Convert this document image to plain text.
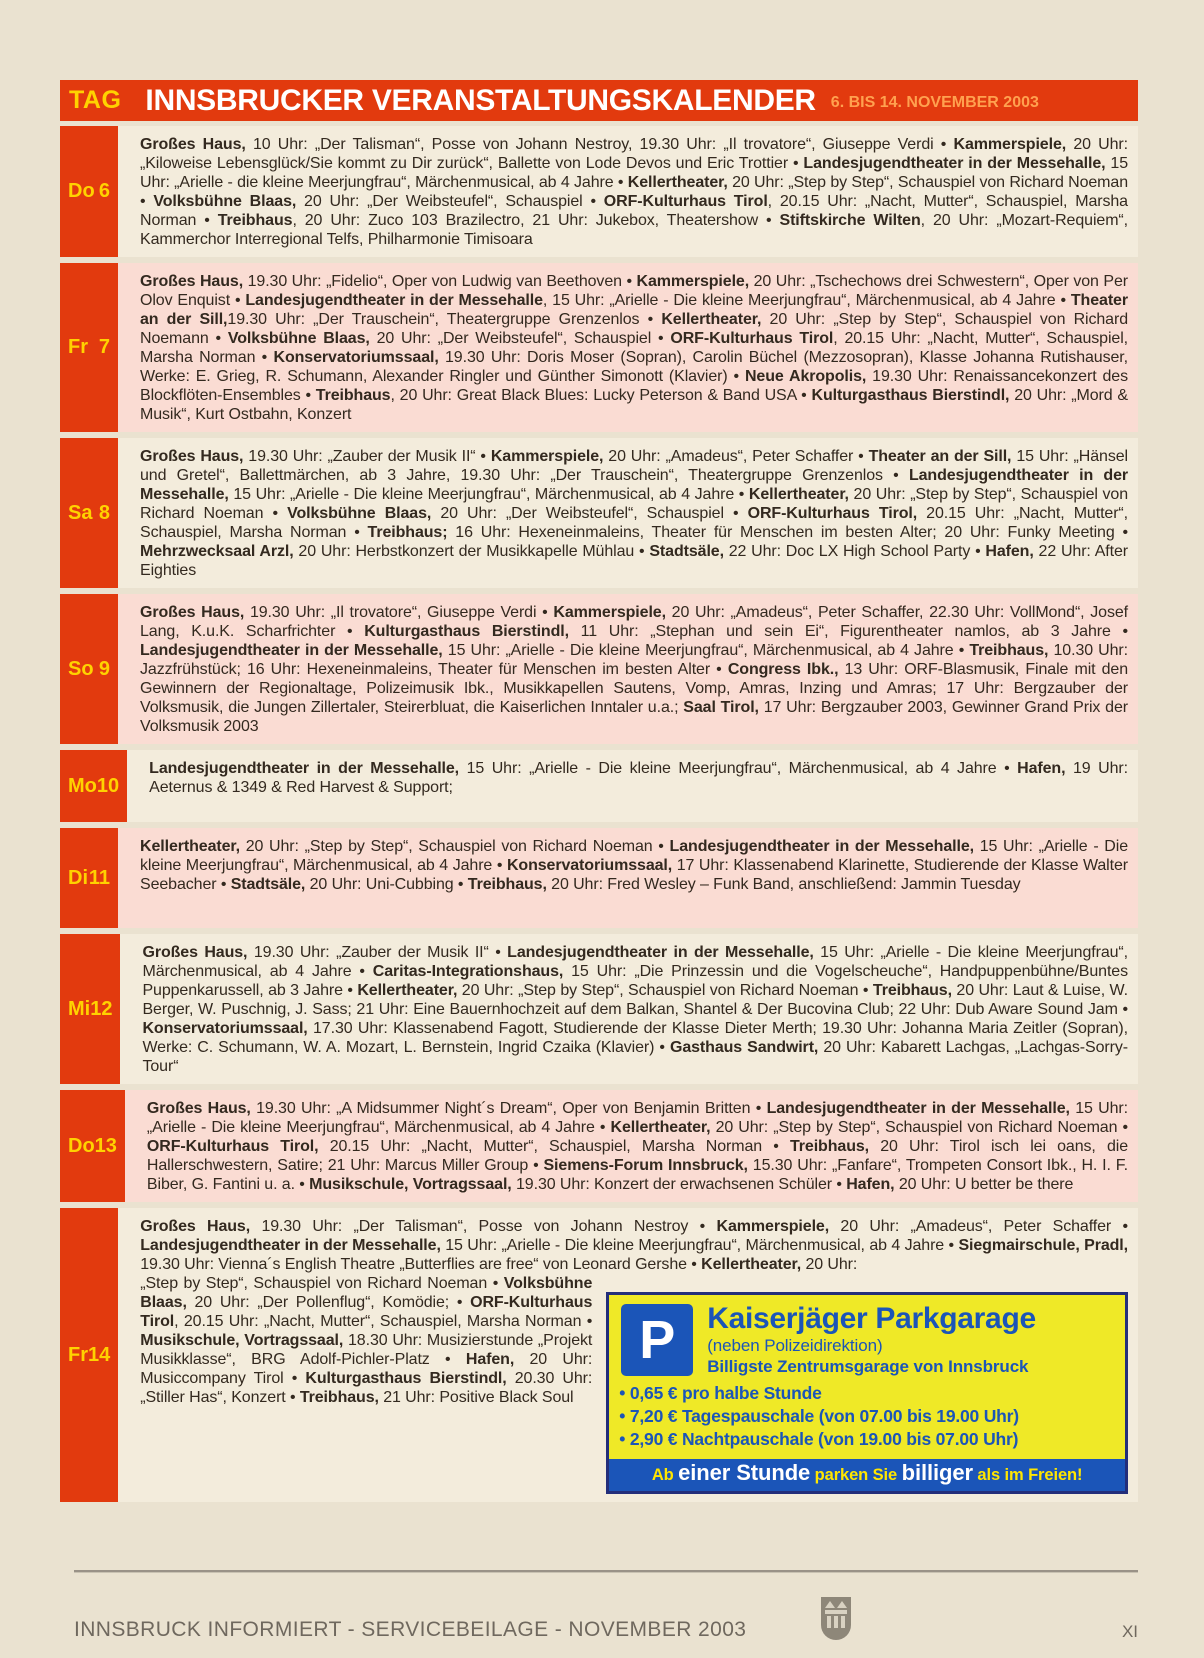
TAG INNSBRUCKER VERANSTALTUNGSKALENDER 6. BIS 14. NOVEMBER 2003
Do 6

Großes Haus, 10 Uhr: „Der Talisman“, Posse von Johann Nestroy, 19.30 Uhr: „Il trovatore“, Giuseppe Verdi • Kammerspiele, 20 Uhr: „Kiloweise Lebensglück/Sie kommt zu Dir zurück“, Ballette von Lode Devos und Eric Trottier • Landesjugendtheater in der Messehalle, 15 Uhr: „Arielle - die kleine Meerjungfrau“, Märchenmusical, ab 4 Jahre • Kellertheater, 20 Uhr: „Step by Step“, Schauspiel von Richard Noeman • Volksbühne Blaas, 20 Uhr: „Der Weibsteufel“, Schauspiel • ORF-Kulturhaus Tirol, 20.15 Uhr: „Nacht, Mutter“, Schauspiel, Marsha Norman • Treibhaus, 20 Uhr: Zuco 103 Brazilectro, 21 Uhr: Jukebox, Theatershow • Stiftskirche Wilten, 20 Uhr: „Mozart-Requiem“, Kammerchor Interregional Telfs, Philharmonie Timisoara

Fr 7

Großes Haus, 19.30 Uhr: „Fidelio“, Oper von Ludwig van Beethoven • Kammerspiele, 20 Uhr: „Tschechows drei Schwestern“, Oper von Per Olov Enquist • Landesjugendtheater in der Messehalle, 15 Uhr: „Arielle - Die kleine Meerjungfrau“, Märchenmusical, ab 4 Jahre • Theater an der Sill,19.30 Uhr: „Der Trauschein“, Theatergruppe Grenzenlos • Kellertheater, 20 Uhr: „Step by Step“, Schauspiel von Richard Noemann • Volksbühne Blaas, 20 Uhr: „Der Weibsteufel“, Schauspiel • ORF-Kulturhaus Tirol, 20.15 Uhr: „Nacht, Mutter“, Schauspiel, Marsha Norman • Konservatoriumssaal, 19.30 Uhr: Doris Moser (Sopran), Carolin Büchel (Mezzosopran), Klasse Johanna Rutishauser, Werke: E. Grieg, R. Schumann, Alexander Ringler und Günther Simonott (Klavier) • Neue Akropolis, 19.30 Uhr: Renaissancekonzert des Blockflöten-Ensembles • Treibhaus, 20 Uhr: Great Black Blues: Lucky Peterson & Band USA • Kulturgasthaus Bierstindl, 20 Uhr: „Mord & Musik“, Kurt Ostbahn, Konzert

Sa 8

Großes Haus, 19.30 Uhr: „Zauber der Musik II“ • Kammerspiele, 20 Uhr: „Amadeus“, Peter Schaffer • Theater an der Sill, 15 Uhr: „Hänsel und Gretel“, Ballettmärchen, ab 3 Jahre, 19.30 Uhr: „Der Trauschein“, Theatergruppe Grenzenlos • Landesjugendtheater in der Messehalle, 15 Uhr: „Arielle - Die kleine Meerjungfrau“, Märchenmusical, ab 4 Jahre • Kellertheater, 20 Uhr: „Step by Step“, Schauspiel von Richard Noeman • Volksbühne Blaas, 20 Uhr: „Der Weibsteufel“, Schauspiel • ORF-Kulturhaus Tirol, 20.15 Uhr: „Nacht, Mutter“, Schauspiel, Marsha Norman • Treibhaus; 16 Uhr: Hexeneinmaleins, Theater für Menschen im besten Alter; 20 Uhr: Funky Meeting • Mehrzwecksaal Arzl, 20 Uhr: Herbstkonzert der Musikkapelle Mühlau • Stadtsäle, 22 Uhr: Doc LX High School Party • Hafen, 22 Uhr: After Eighties

So 9

Großes Haus, 19.30 Uhr: „Il trovatore“, Giuseppe Verdi • Kammerspiele, 20 Uhr: „Amadeus“, Peter Schaffer, 22.30 Uhr: VollMond“, Josef Lang, K.u.K. Scharfrichter • Kulturgasthaus Bierstindl, 11 Uhr: „Stephan und sein Ei“, Figurentheater namlos, ab 3 Jahre • Landesjugendtheater in der Messehalle, 15 Uhr: „Arielle - Die kleine Meerjungfrau“, Märchenmusical, ab 4 Jahre • Treibhaus, 10.30 Uhr: Jazzfrühstück; 16 Uhr: Hexeneinmaleins, Theater für Menschen im besten Alter • Congress Ibk., 13 Uhr: ORF-Blasmusik, Finale mit den Gewinnern der Regionaltage, Polizeimusik Ibk., Musikkapellen Sautens, Vomp, Amras, Inzing und Amras; 17 Uhr: Bergzauber der Volksmusik, die Jungen Zillertaler, Steirerbluat, die Kaiserlichen Inntaler u.a.; Saal Tirol, 17 Uhr: Bergzauber 2003, Gewinner Grand Prix der Volksmusik 2003

Mo 10

Landesjugendtheater in der Messehalle, 15 Uhr: „Arielle - Die kleine Meerjungfrau“, Märchenmusical, ab 4 Jahre • Hafen, 19 Uhr: Aeternus & 1349 & Red Harvest & Support;

Di 11

Kellertheater, 20 Uhr: „Step by Step“, Schauspiel von Richard Noeman • Landesjugendtheater in der Messehalle, 15 Uhr: „Arielle - Die kleine Meerjungfrau“, Märchenmusical, ab 4 Jahre • Konservatoriumssaal, 17 Uhr: Klassenabend Klarinette, Studierende der Klasse Walter Seebacher • Stadtsäle, 20 Uhr: Uni-Cubbing • Treibhaus, 20 Uhr: Fred Wesley – Funk Band, anschließend: Jammin Tuesday

Mi 12

Großes Haus, 19.30 Uhr: „Zauber der Musik II“ • Landesjugendtheater in der Messehalle, 15 Uhr: „Arielle - Die kleine Meerjungfrau“, Märchenmusical, ab 4 Jahre • Caritas-Integrationshaus, 15 Uhr: „Die Prinzessin und die Vogelscheuche“, Handpuppenbühne/Buntes Puppenkarussell, ab 3 Jahre • Kellertheater, 20 Uhr: „Step by Step“, Schauspiel von Richard Noeman • Treibhaus, 20 Uhr: Laut & Luise, W. Berger, W. Puschnig, J. Sass; 21 Uhr: Eine Bauernhochzeit auf dem Balkan, Shantel & Der Bucovina Club; 22 Uhr: Dub Aware Sound Jam • Konservatoriumssaal, 17.30 Uhr: Klassenabend Fagott, Studierende der Klasse Dieter Merth; 19.30 Uhr: Johanna Maria Zeitler (Sopran), Werke: C. Schumann, W. A. Mozart, L. Bernstein, Ingrid Czaika (Klavier) • Gasthaus Sandwirt, 20 Uhr: Kabarett Lachgas, „Lachgas-Sorry-Tour“

Do 13

Großes Haus, 19.30 Uhr: „A Midsummer Night´s Dream“, Oper von Benjamin Britten • Landesjugendtheater in der Messehalle, 15 Uhr: „Arielle - Die kleine Meerjungfrau“, Märchenmusical, ab 4 Jahre • Kellertheater, 20 Uhr: „Step by Step“, Schauspiel von Richard Noeman • ORF-Kulturhaus Tirol, 20.15 Uhr: „Nacht, Mutter“, Schauspiel, Marsha Norman • Treibhaus, 20 Uhr: Tirol isch lei oans, die Hallerschwestern, Satire; 21 Uhr: Marcus Miller Group • Siemens-Forum Innsbruck, 15.30 Uhr: „Fanfare“, Trompeten Consort Ibk., H. I. F. Biber, G. Fantini u. a. • Musikschule, Vortragssaal, 19.30 Uhr: Konzert der erwachsenen Schüler • Hafen, 20 Uhr: U better be there

Fr 14

Großes Haus, 19.30 Uhr: „Der Talisman“, Posse von Johann Nestroy • Kammerspiele, 20 Uhr: „Amadeus“, Peter Schaffer • Landesjugendtheater in der Messehalle, 15 Uhr: „Arielle - Die kleine Meerjungfrau“, Märchenmusical, ab 4 Jahre • Siegmairschule, Pradl, 19.30 Uhr: Vienna´s English Theatre „Butterflies are free“ von Leonard Gershe • Kellertheater, 20 Uhr:

„Step by Step“, Schauspiel von Richard Noeman • Volksbühne Blaas, 20 Uhr: „Der Pollenflug“, Komödie; • ORF-Kulturhaus Tirol, 20.15 Uhr: „Nacht, Mutter“, Schauspiel, Marsha Norman • Musikschule, Vortragssaal, 18.30 Uhr: Musizierstunde „Projekt Musikklasse“, BRG Adolf-Pichler-Platz • Hafen, 20 Uhr: Musiccompany Tirol • Kulturgasthaus Bierstindl, 20.30 Uhr: „Stiller Has“, Konzert • Treibhaus, 21 Uhr: Positive Black Soul

P	Kaiserjäger Parkgarage
(neben Polizeidirektion)
Billigste Zentrumsgarage von Innsbruck
• 0,65 € pro halbe Stunde
• 7,20 € Tagespauschale (von 07.00 bis 19.00 Uhr)
• 2,90 € Nachtpauschale (von 19.00 bis 07.00 Uhr)
Ab einer Stunde parken Sie billiger als im Freien!
INNSBRUCK INFORMIERT - SERVICEBEILAGE - NOVEMBER 2003	XI
